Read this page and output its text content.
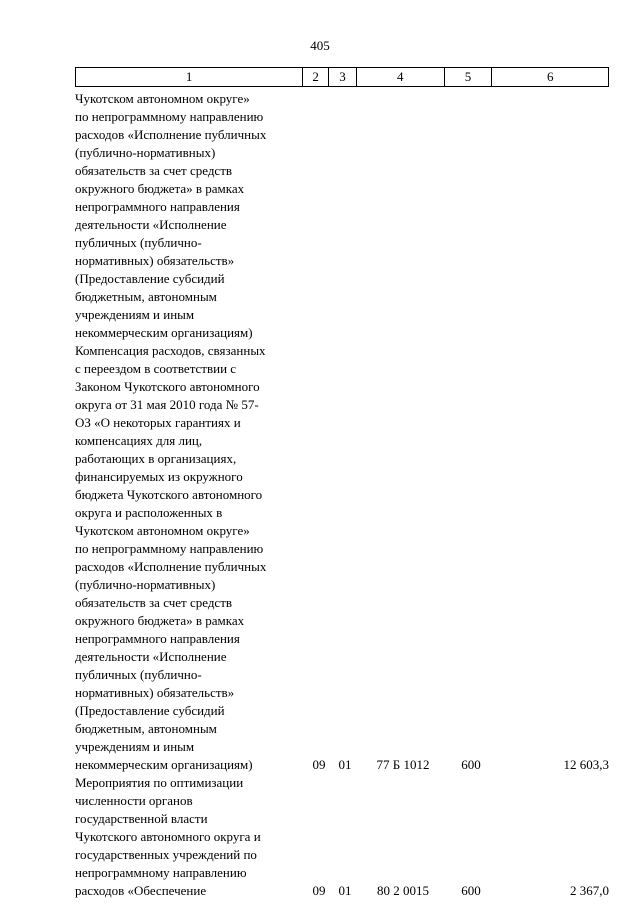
405
1	2	3	4	5	6
Чукотском автономном округе»
по непрограммному направлению
расходов «Исполнение публичных
(публично-нормативных)
обязательств за счет средств
окружного бюджета» в рамках
непрограммного направления
деятельности «Исполнение
публичных (публично-
нормативных) обязательств»
(Предоставление субсидий
бюджетным, автономным
учреждениям и иным
некоммерческим организациям)
Компенсация расходов, связанных
с переездом в соответствии с
Законом Чукотского автономного
округа от 31 мая 2010 года № 57-
ОЗ «О некоторых гарантиях и
компенсациях для лиц,
работающих в организациях,
финансируемых из окружного
бюджета Чукотского автономного
округа и расположенных в
Чукотском автономном округе»
по непрограммному направлению
расходов «Исполнение публичных
(публично-нормативных)
обязательств за счет средств
окружного бюджета» в рамках
непрограммного направления
деятельности «Исполнение
публичных (публично-
нормативных) обязательств»
(Предоставление субсидий
бюджетным, автономным
учреждениям и иным
некоммерческим организациям)	09	01	77 Б 1012	600	12 603,3
Мероприятия по оптимизации
численности органов
государственной власти
Чукотского автономного округа и
государственных учреждений по
непрограммному направлению
расходов «Обеспечение	09	01	80 2 0015	600	2 367,0
